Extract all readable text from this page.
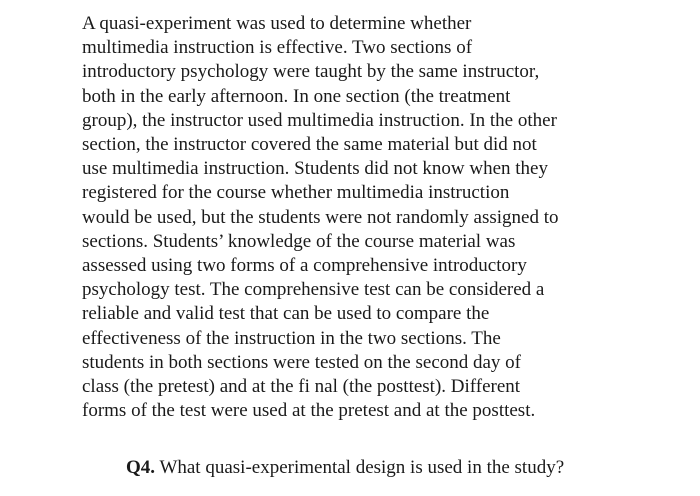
A quasi-experiment was used to determine whether
multimedia instruction is effective. Two sections of
introductory psychology were taught by the same instructor,
both in the early afternoon. In one section (the treatment
group), the instructor used multimedia instruction. In the other
section, the instructor covered the same material but did not
use multimedia instruction. Students did not know when they
registered for the course whether multimedia instruction
would be used, but the students were not randomly assigned to
sections. Students’ knowledge of the course material was
assessed using two forms of a comprehensive introductory
psychology test. The comprehensive test can be considered a
reliable and valid test that can be used to compare the
effectiveness of the instruction in the two sections. The
students in both sections were tested on the second day of
class (the pretest) and at the fi nal (the posttest). Different
forms of the test were used at the pretest and at the posttest.
Q4. What quasi-experimental design is used in the study?
